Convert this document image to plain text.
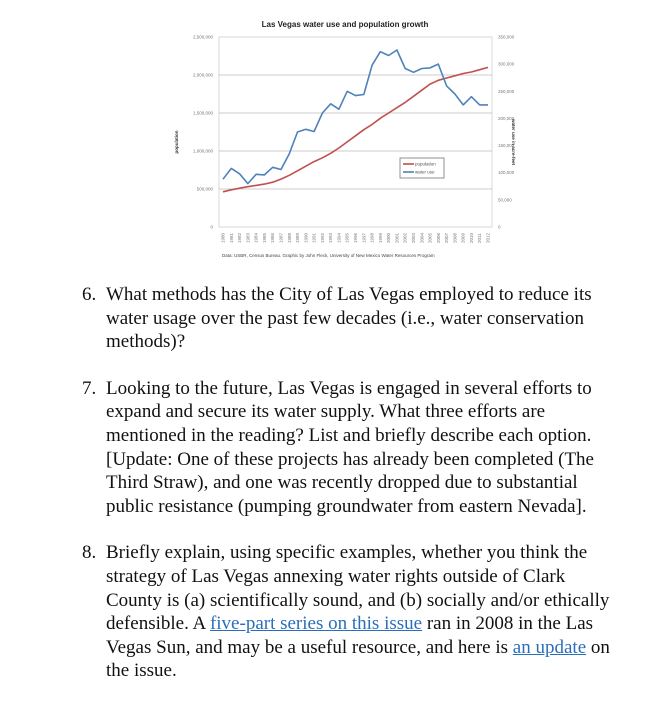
Las Vegas water use and population growth
0
500,000
1,000,000
1,500,000
2,000,000
2,500,000
0
50,000
100,000
150,000
200,000
250,000
300,000
350,000
1980 1981 1982 1983 1984 1985 1986 1987 1988 1989 1990 1991 1992 1993 1994 1995 1996 1997 1998 1999 2000 2001 2002 2003 2004 2005 2006 2007 2008 2009 2010 2011 2012
population	water use in acre-feet
population
water use
Data: USBR, Census Bureau. Graphic by John Fleck, University of New Mexico Water Resources Program
6. What methods has the City of Las Vegas employed to reduce its water usage over the past few decades (i.e., water conservation methods)?
7. Looking to the future, Las Vegas is engaged in several efforts to expand and secure its water supply. What three efforts are mentioned in the reading? List and briefly describe each option. [Update: One of these projects has already been completed (The Third Straw), and one was recently dropped due to substantial public resistance (pumping groundwater from eastern Nevada].
8. Briefly explain, using specific examples, whether you think the strategy of Las Vegas annexing water rights outside of Clark County is (a) scientifically sound, and (b) socially and/or ethically defensible. A five-part series on this issue ran in 2008 in the Las Vegas Sun, and may be a useful resource, and here is an update on the issue.
